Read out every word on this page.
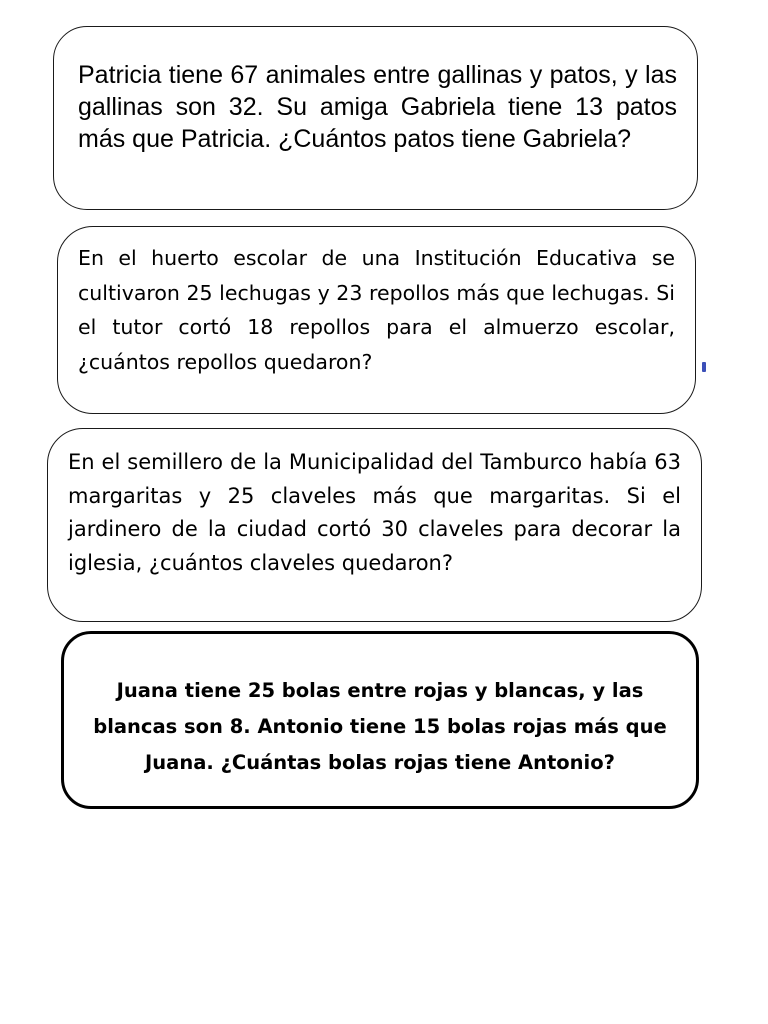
Patricia tiene 67 animales entre gallinas y patos, y las gallinas son 32. Su amiga Gabriela tiene 13 patos más que Patricia. ¿Cuántos patos tiene Gabriela?

En el huerto escolar de una Institución Educativa se cultivaron 25 lechugas y 23 repollos más que lechugas. Si el tutor cortó 18 repollos para el almuerzo escolar, ¿cuántos repollos quedaron?

En el semillero de la Municipalidad del Tamburco había 63 margaritas y 25 claveles más que margaritas. Si el jardinero de la ciudad cortó 30 claveles para decorar la iglesia, ¿cuántos claveles quedaron?

Juana tiene 25 bolas entre rojas y blancas, y las blancas son 8. Antonio tiene 15 bolas rojas más que Juana. ¿Cuántas bolas rojas tiene Antonio?
